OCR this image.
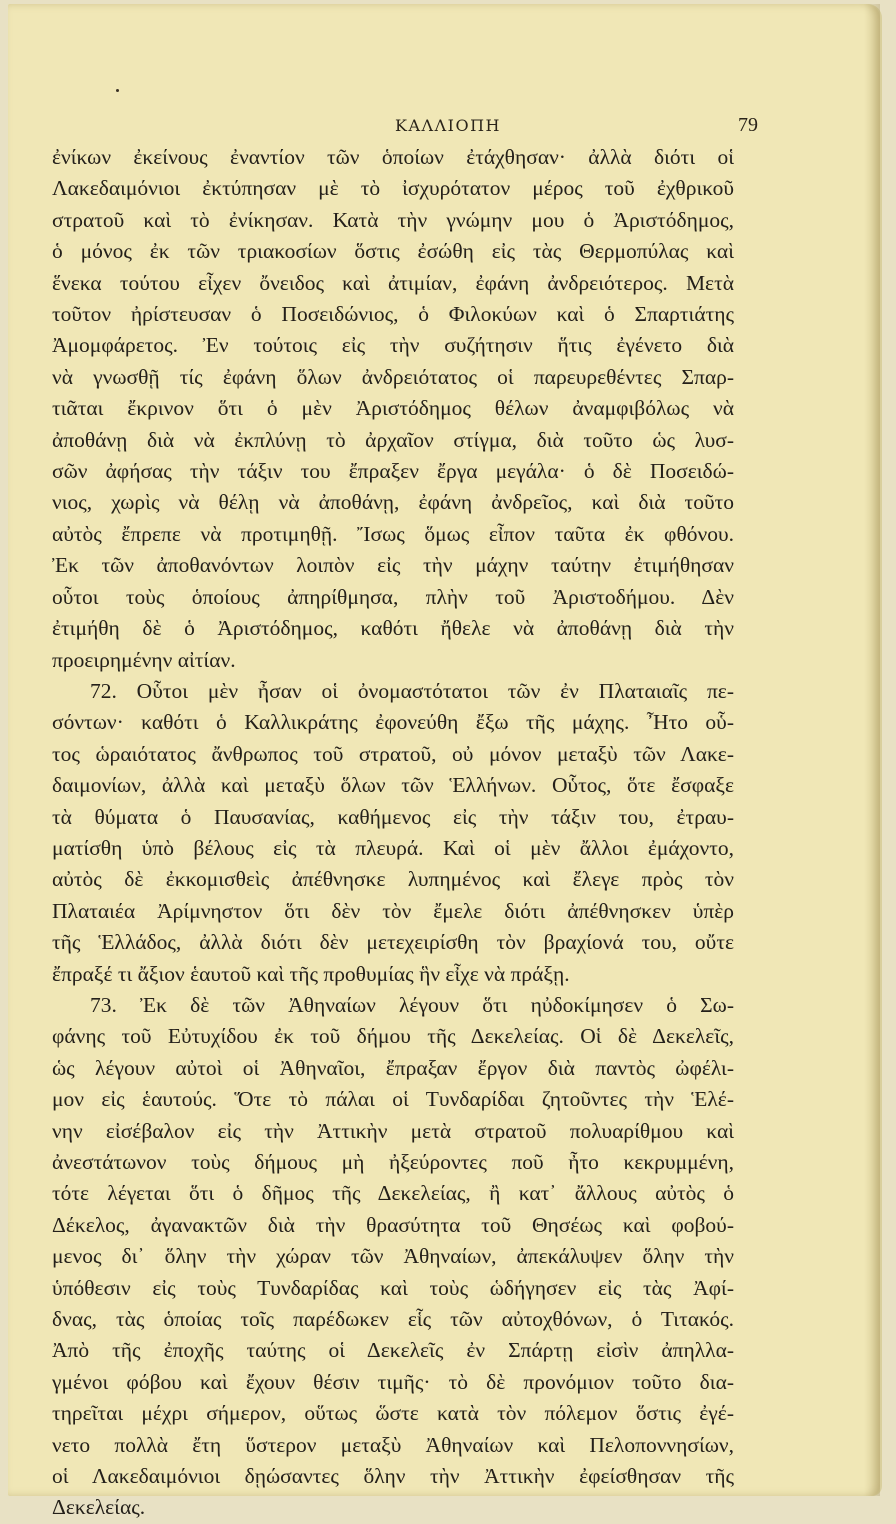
ΚΑΛΛΙΟΠΗ	79
ἐνίκων ἐκείνους ἐναντίον τῶν ὁποίων ἐτάχθησαν· ἀλλὰ διότι οἱ
Λακεδαιμόνιοι ἐκτύπησαν μὲ τὸ ἰσχυρότατον μέρος τοῦ ἐχθρικοῦ
στρατοῦ καὶ τὸ ἐνίκησαν. Κατὰ τὴν γνώμην μου ὁ Ἀριστόδημος,
ὁ μόνος ἐκ τῶν τριακοσίων ὅστις ἐσώθη εἰς τὰς Θερμοπύλας καὶ
ἕνεκα τούτου εἶχεν ὄνειδος καὶ ἀτιμίαν, ἐφάνη ἀνδρειότερος. Μετὰ
τοῦτον ἠρίστευσαν ὁ Ποσειδώνιος, ὁ Φιλοκύων καὶ ὁ Σπαρτιάτης
Ἀμομφάρετος. Ἐν τούτοις εἰς τὴν συζήτησιν ἥτις ἐγένετο διὰ
νὰ γνωσθῇ τίς ἐφάνη ὅλων ἀνδρειότατος οἱ παρευρεθέντες Σπαρ-
τιᾶται ἔκρινον ὅτι ὁ μὲν Ἀριστόδημος θέλων ἀναμφιβόλως νὰ
ἀποθάνῃ διὰ νὰ ἐκπλύνῃ τὸ ἀρχαῖον στίγμα, διὰ τοῦτο ὡς λυσ-
σῶν ἀφήσας τὴν τάξιν του ἔπραξεν ἔργα μεγάλα· ὁ δὲ Ποσειδώ-
νιος, χωρὶς νὰ θέλῃ νὰ ἀποθάνῃ, ἐφάνη ἀνδρεῖος, καὶ διὰ τοῦτο
αὐτὸς ἔπρεπε νὰ προτιμηθῇ. Ἴσως ὅμως εἶπον ταῦτα ἐκ φθόνου.
Ἐκ τῶν ἀποθανόντων λοιπὸν εἰς τὴν μάχην ταύτην ἐτιμήθησαν
οὗτοι τοὺς ὁποίους ἀπηρίθμησα, πλὴν τοῦ Ἀριστοδήμου. Δὲν
ἐτιμήθη δὲ ὁ Ἀριστόδημος, καθότι ἤθελε νὰ ἀποθάνῃ διὰ τὴν
προειρημένην αἰτίαν.
72. Οὗτοι μὲν ἦσαν οἱ ὀνομαστότατοι τῶν ἐν Πλαταιαῖς πε-
σόντων· καθότι ὁ Καλλικράτης ἐφονεύθη ἔξω τῆς μάχης. Ἦτο οὗ-
τος ὡραιότατος ἄνθρωπος τοῦ στρατοῦ, οὐ μόνον μεταξὺ τῶν Λακε-
δαιμονίων, ἀλλὰ καὶ μεταξὺ ὅλων τῶν Ἑλλήνων. Οὗτος, ὅτε ἔσφαξε
τὰ θύματα ὁ Παυσανίας, καθήμενος εἰς τὴν τάξιν του, ἐτραυ-
ματίσθη ὑπὸ βέλους εἰς τὰ πλευρά. Καὶ οἱ μὲν ἄλλοι ἐμάχοντο,
αὐτὸς δὲ ἐκκομισθεὶς ἀπέθνησκε λυπημένος καὶ ἔλεγε πρὸς τὸν
Πλαταιέα Ἀρίμνηστον ὅτι δὲν τὸν ἔμελε διότι ἀπέθνησκεν ὑπὲρ
τῆς Ἑλλάδος, ἀλλὰ διότι δὲν μετεχειρίσθη τὸν βραχίονά του, οὔτε
ἔπραξέ τι ἄξιον ἑαυτοῦ καὶ τῆς προθυμίας ἣν εἶχε νὰ πράξῃ.
73. Ἐκ δὲ τῶν Ἀθηναίων λέγουν ὅτι ηὐδοκίμησεν ὁ Σω-
φάνης τοῦ Εὐτυχίδου ἐκ τοῦ δήμου τῆς Δεκελείας. Οἱ δὲ Δεκελεῖς,
ὡς λέγουν αὐτοὶ οἱ Ἀθηναῖοι, ἔπραξαν ἔργον διὰ παντὸς ὠφέλι-
μον εἰς ἑαυτούς. Ὅτε τὸ πάλαι οἱ Τυνδαρίδαι ζητοῦντες τὴν Ἑλέ-
νην εἰσέβαλον εἰς τὴν Ἀττικὴν μετὰ στρατοῦ πολυαρίθμου καὶ
ἀνεστάτωνον τοὺς δήμους μὴ ἠξεύροντες ποῦ ἦτο κεκρυμμένη,
τότε λέγεται ὅτι ὁ δῆμος τῆς Δεκελείας, ἢ κατ᾽ ἄλλους αὐτὸς ὁ
Δέκελος, ἀγανακτῶν διὰ τὴν θρασύτητα τοῦ Θησέως καὶ φοβού-
μενος δι᾽ ὅλην τὴν χώραν τῶν Ἀθηναίων, ἀπεκάλυψεν ὅλην τὴν
ὑπόθεσιν εἰς τοὺς Τυνδαρίδας καὶ τοὺς ὡδήγησεν εἰς τὰς Ἀφί-
δνας, τὰς ὁποίας τοῖς παρέδωκεν εἷς τῶν αὐτοχθόνων, ὁ Τιτακός.
Ἀπὸ τῆς ἐποχῆς ταύτης οἱ Δεκελεῖς ἐν Σπάρτῃ εἰσὶν ἀπηλλα-
γμένοι φόβου καὶ ἔχουν θέσιν τιμῆς· τὸ δὲ προνόμιον τοῦτο δια-
τηρεῖται μέχρι σήμερον, οὕτως ὥστε κατὰ τὸν πόλεμον ὅστις ἐγέ-
νετο πολλὰ ἔτη ὕστερον μεταξὺ Ἀθηναίων καὶ Πελοποννησίων,
οἱ Λακεδαιμόνιοι δῃώσαντες ὅλην τὴν Ἀττικὴν ἐφείσθησαν τῆς
Δεκελείας.
